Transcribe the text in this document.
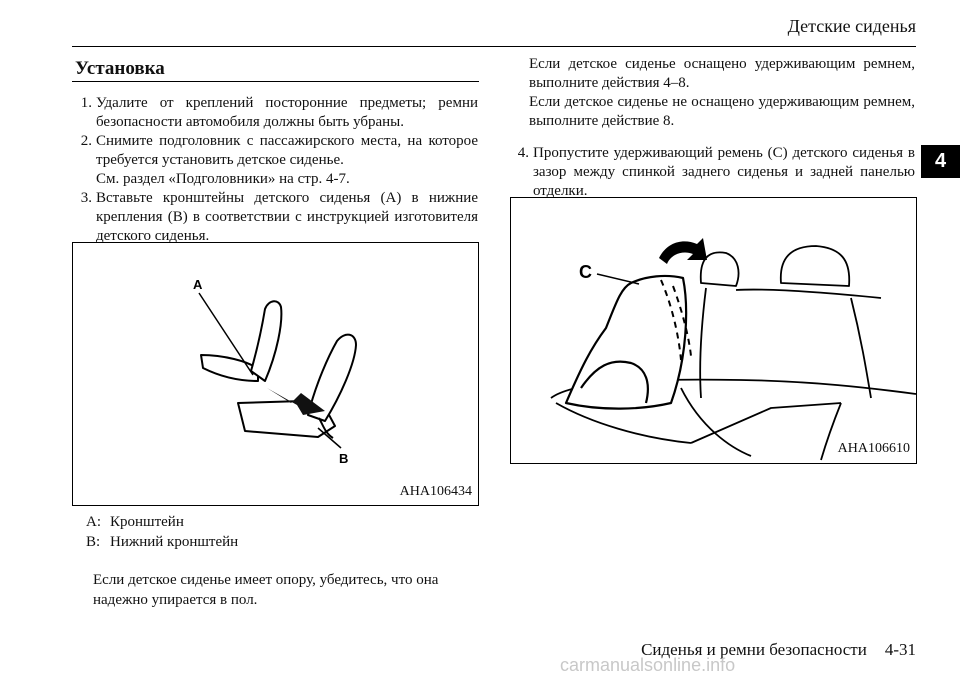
Детские сиденья
4
Установка
1. Удалите от креплений посторонние предметы; ремни безопасности автомобиля должны быть убраны.
2. Снимите подголовник с пассажирского места, на которое требуется установить детское сиденье.
См. раздел «Подголовники» на стр. 4-7.
3. Вставьте кронштейны детского сиденья (A) в нижние крепления (B) в соответствии с инструкцией изготовителя детского сиденья.
A
B
AHA106434
A: Кронштейн
B: Нижний кронштейн
Если детское сиденье имеет опору, убедитесь, что она надежно упирается в пол.
Если детское сиденье оснащено удерживающим ремнем, выполните действия 4–8.
Если детское сиденье не оснащено удерживающим ремнем, выполните действие 8.
4. Пропустите удерживающий ремень (C) детского сиденья в зазор между спинкой заднего сиденья и задней панелью отделки.
C
AHA106610
Сиденья и ремни безопасности 4-31
carmanualsonline.info
